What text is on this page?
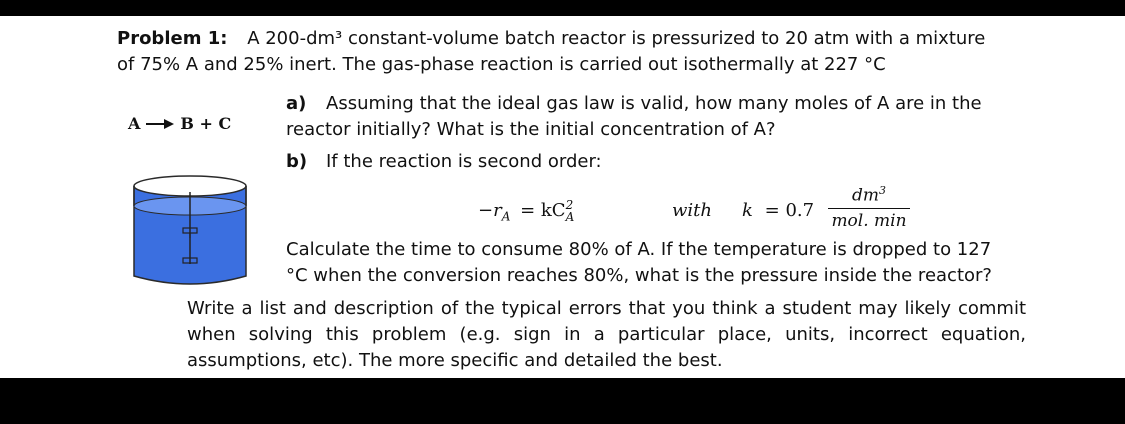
Problem 1: A 200-dm³ constant-volume batch reactor is pressurized to 20 atm with a mixture
of 75% A and 25% inert. The gas-phase reaction is carried out isothermally at 227 °C
A → B + C
a) Assuming that the ideal gas law is valid, how many moles of A are in the
reactor initially? What is the initial concentration of A?
b) If the reaction is second order:
$-r_A$ = kC 2
A	with k = 0.7
$dm^3$
mol. min
Calculate the time to consume 80% of A. If the temperature is dropped to 127
°C when the conversion reaches 80%, what is the pressure inside the reactor?
Write a list and description of the typical errors that you think a student may likely commit
when solving this problem (e.g. sign in a particular place, units, incorrect equation,
assumptions, etc). The more specific and detailed the best.
